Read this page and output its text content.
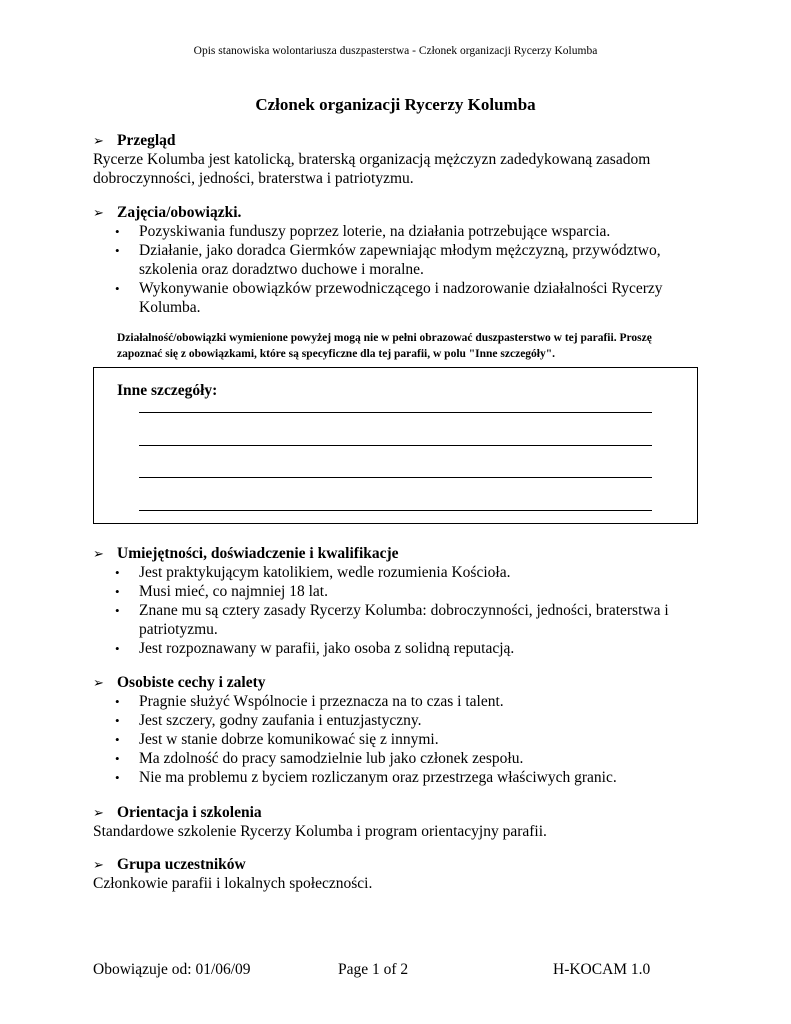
Opis stanowiska wolontariusza duszpasterstwa - Członek organizacji Rycerzy Kolumba
Członek organizacji Rycerzy Kolumba
➢ Przegląd
Rycerze Kolumba jest katolicką, braterską organizacją mężczyzn zadedykowaną zasadom dobroczynności, jedności, braterstwa i patriotyzmu.
➢ Zajęcia/obowiązki.
• Pozyskiwania funduszy poprzez loterie, na działania potrzebujące wsparcia.
• Działanie, jako doradca Giermków zapewniając młodym mężczyzną, przywództwo, szkolenia oraz doradztwo duchowe i moralne.
• Wykonywanie obowiązków przewodniczącego i nadzorowanie działalności Rycerzy Kolumba.
Działalność/obowiązki wymienione powyżej mogą nie w pełni obrazować duszpasterstwo w tej parafii. Proszę zapoznać się z obowiązkami, które są specyficzne dla tej parafii, w polu "Inne szczegóły".
Inne szczegóły:
➢ Umiejętności, doświadczenie i kwalifikacje
• Jest praktykującym katolikiem, wedle rozumienia Kościoła.
• Musi mieć, co najmniej 18 lat.
• Znane mu są cztery zasady Rycerzy Kolumba: dobroczynności, jedności, braterstwa i patriotyzmu.
• Jest rozpoznawany w parafii, jako osoba z solidną reputacją.
➢ Osobiste cechy i zalety
• Pragnie służyć Wspólnocie i przeznacza na to czas i talent.
• Jest szczery, godny zaufania i entuzjastyczny.
• Jest w stanie dobrze komunikować się z innymi.
• Ma zdolność do pracy samodzielnie lub jako członek zespołu.
• Nie ma problemu z byciem rozliczanym oraz przestrzega właściwych granic.
➢ Orientacja i szkolenia
Standardowe szkolenie Rycerzy Kolumba i program orientacyjny parafii.
➢ Grupa uczestników
Członkowie parafii i lokalnych społeczności.
Obowiązuje od: 01/06/09	Page 1 of 2	H-KOCAM 1.0
